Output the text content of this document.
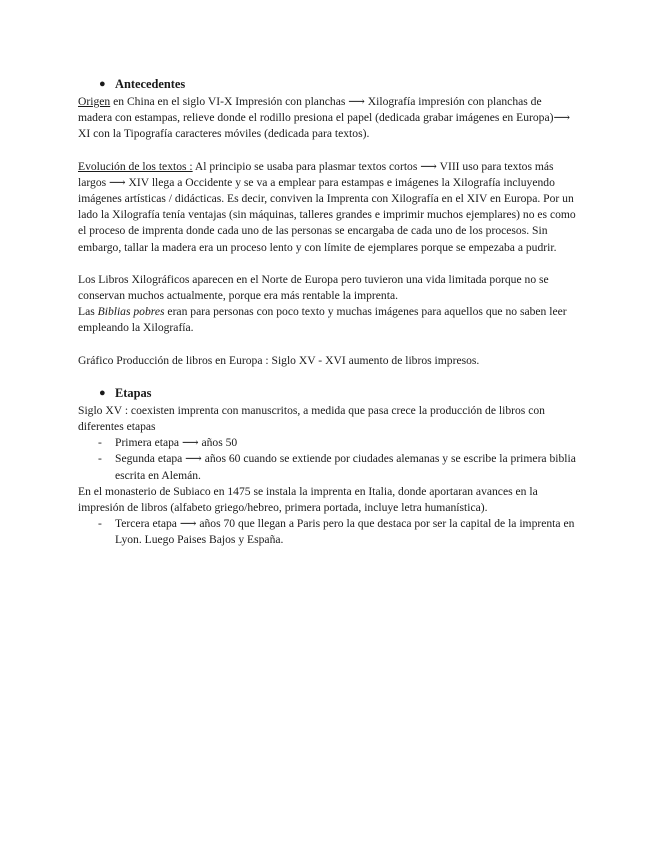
● Antecedentes

Origen en China en el siglo VI-X Impresión con planchas ⟶ Xilografía impresión con planchas de madera con estampas, relieve donde el rodillo presiona el papel (dedicada grabar imágenes en Europa)⟶ XI con la Tipografía caracteres móviles (dedicada para textos).

Evolución de los textos : Al principio se usaba para plasmar textos cortos ⟶ VIII uso para textos más largos ⟶ XIV llega a Occidente y se va a emplear para estampas e imágenes la Xilografía incluyendo imágenes artísticas / didácticas. Es decir, conviven la Imprenta con Xilografía en el XIV en Europa. Por un lado la Xilografía tenía ventajas (sin máquinas, talleres grandes e imprimir muchos ejemplares) no es como el proceso de imprenta donde cada uno de las personas se encargaba de cada uno de los procesos. Sin embargo, tallar la madera era un proceso lento y con límite de ejemplares porque se empezaba a pudrir.

Los Libros Xilográficos aparecen en el Norte de Europa pero tuvieron una vida limitada porque no se conservan muchos actualmente, porque era más rentable la imprenta.

Las Biblias pobres eran para personas con poco texto y muchas imágenes para aquellos que no saben leer empleando la Xilografía.

Gráfico Producción de libros en Europa : Siglo XV - XVI aumento de libros impresos.

● Etapas

Siglo XV : coexisten imprenta con manuscritos, a medida que pasa crece la producción de libros con diferentes etapas

- Primera etapa ⟶ años 50
- Segunda etapa ⟶ años 60 cuando se extiende por ciudades alemanas y se escribe la primera biblia escrita en Alemán.

En el monasterio de Subiaco en 1475 se instala la imprenta en Italia, donde aportaran avances en la impresión de libros (alfabeto griego/hebreo, primera portada, incluye letra humanística).

- Tercera etapa ⟶ años 70 que llegan a Paris pero la que destaca por ser la capital de la imprenta en Lyon. Luego Paises Bajos y España.
